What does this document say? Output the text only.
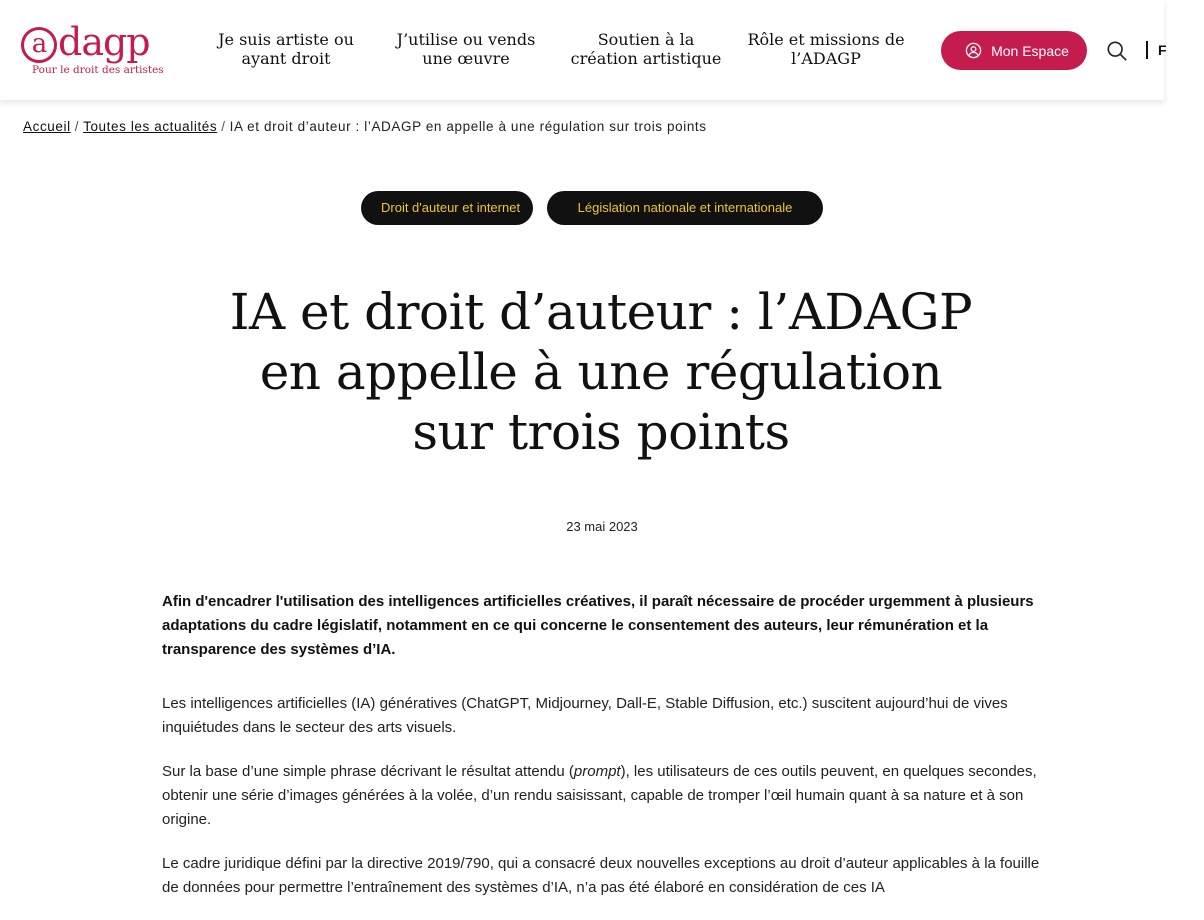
a dagp
Pour le droit des artistes
Je suis artiste ou
ayant droit
J’utilise ou vends
une œuvre
Soutien à la
création artistique
Rôle et missions de
l’ADAGP	Mon Espace	F
Accueil / Toutes les actualités / IA et droit d’auteur : l’ADAGP en appelle à une régulation sur trois points
Droit d'auteur et internet	Législation nationale et internationale
IA et droit d’auteur : l’ADAGP
en appelle à une régulation
sur trois points
23 mai 2023

Afin d'encadrer l'utilisation des intelligences artificielles créatives, il paraît nécessaire de procéder urgemment à plusieurs adaptations du cadre législatif, notamment en ce qui concerne le consentement des auteurs, leur rémunération et la transparence des systèmes d’IA.

Les intelligences artificielles (IA) génératives (ChatGPT, Midjourney, Dall-E, Stable Diffusion, etc.) suscitent aujourd’hui de vives inquiétudes dans le secteur des arts visuels.

Sur la base d’une simple phrase décrivant le résultat attendu (prompt), les utilisateurs de ces outils peuvent, en quelques secondes, obtenir une série d’images générées à la volée, d’un rendu saisissant, capable de tromper l’œil humain quant à sa nature et à son origine.

Le cadre juridique défini par la directive 2019/790, qui a consacré deux nouvelles exceptions au droit d’auteur applicables à la fouille de données pour permettre l’entraînement des systèmes d’IA, n’a pas été élaboré en considération de ces IA
